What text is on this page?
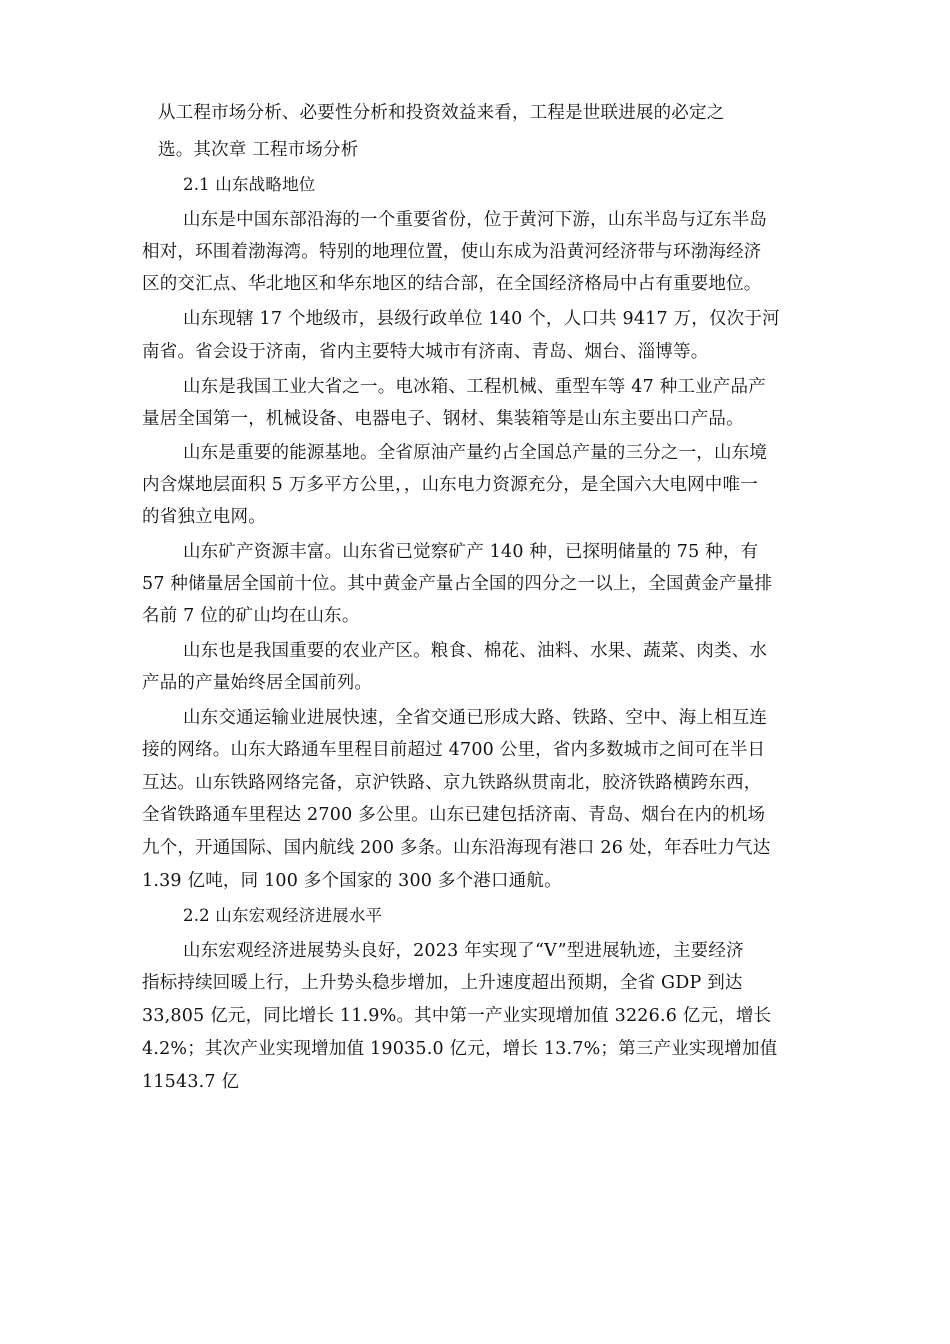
从工程市场分析、必要性分析和投资效益来看，工程是世联进展的必定之
选。其次章 工程市场分析
2.1 山东战略地位
山东是中国东部沿海的一个重要省份，位于黄河下游，山东半岛与辽东半岛
相对，环围着渤海湾。特别的地理位置，使山东成为沿黄河经济带与环渤海经济
区的交汇点、华北地区和华东地区的结合部，在全国经济格局中占有重要地位。
山东现辖 17 个地级市，县级行政单位 140 个，人口共 9417 万，仅次于河
南省。省会设于济南，省内主要特大城市有济南、青岛、烟台、淄博等。
山东是我国工业大省之一。电冰箱、工程机械、重型车等 47 种工业产品产
量居全国第一，机械设备、电器电子、钢材、集装箱等是山东主要出口产品。
山东是重要的能源基地。全省原油产量约占全国总产量的三分之一，山东境
内含煤地层面积 5 万多平方公里，，山东电力资源充分，是全国六大电网中唯一
的省独立电网。
山东矿产资源丰富。山东省已觉察矿产 140 种，已探明储量的 75 种，有
57 种储量居全国前十位。其中黄金产量占全国的四分之一以上，全国黄金产量排
名前 7 位的矿山均在山东。
山东也是我国重要的农业产区。粮食、棉花、油料、水果、蔬菜、肉类、水
产品的产量始终居全国前列。
山东交通运输业进展快速，全省交通已形成大路、铁路、空中、海上相互连
接的网络。山东大路通车里程目前超过 4700 公里，省内多数城市之间可在半日
互达。山东铁路网络完备，京沪铁路、京九铁路纵贯南北，胶济铁路横跨东西，
全省铁路通车里程达 2700 多公里。山东已建包括济南、青岛、烟台在内的机场
九个，开通国际、国内航线 200 多条。山东沿海现有港口 26 处，年吞吐力气达
1.39 亿吨，同 100 多个国家的 300 多个港口通航。
2.2 山东宏观经济进展水平
山东宏观经济进展势头良好，2023 年实现了“V”型进展轨迹，主要经济
指标持续回暖上行，上升势头稳步增加，上升速度超出预期，全省 GDP 到达
33,805 亿元，同比增长 11.9%。其中第一产业实现增加值 3226.6 亿元，增长
4.2%；其次产业实现增加值 19035.0 亿元，增长 13.7%；第三产业实现增加值
11543.7 亿
